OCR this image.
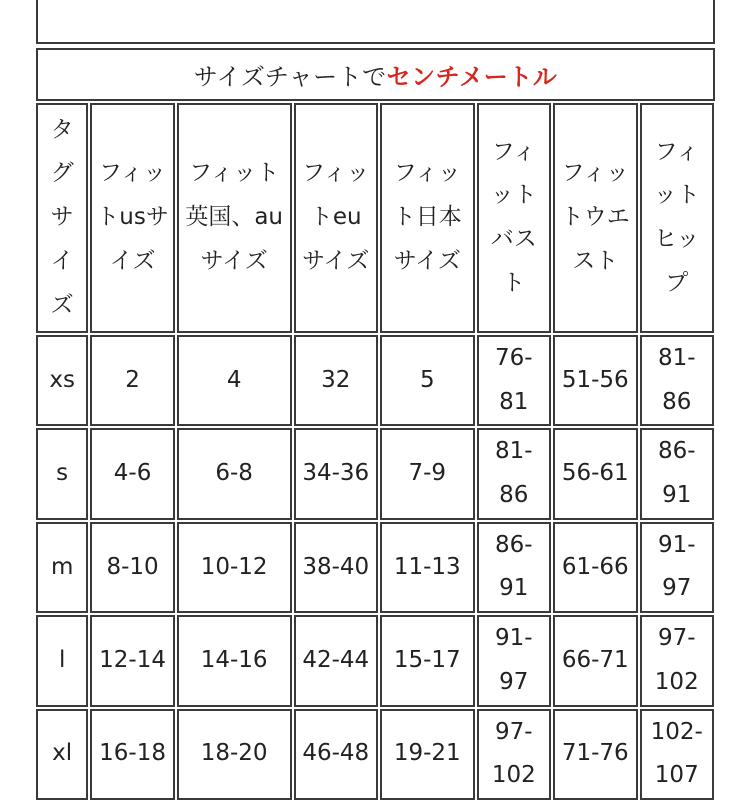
サイズチャートで センチメートル
タグサイズ	フィットusサイズ	フィット英国、auサイズ	フィットeuサイズ	フィット日本サイズ	フィットバスト	フィットウエスト	フィットヒップ

xs	2	4	32	5	76-81	51-56	81-86
s	4-6	6-8	34-36	7-9	81-86	56-61	86-91
m	8-10	10-12	38-40	11-13	86-91	61-66	91-97
l	12-14	14-16	42-44	15-17	91-97	66-71	97-102
xl	16-18	18-20	46-48	19-21	97-102	71-76	102-107
